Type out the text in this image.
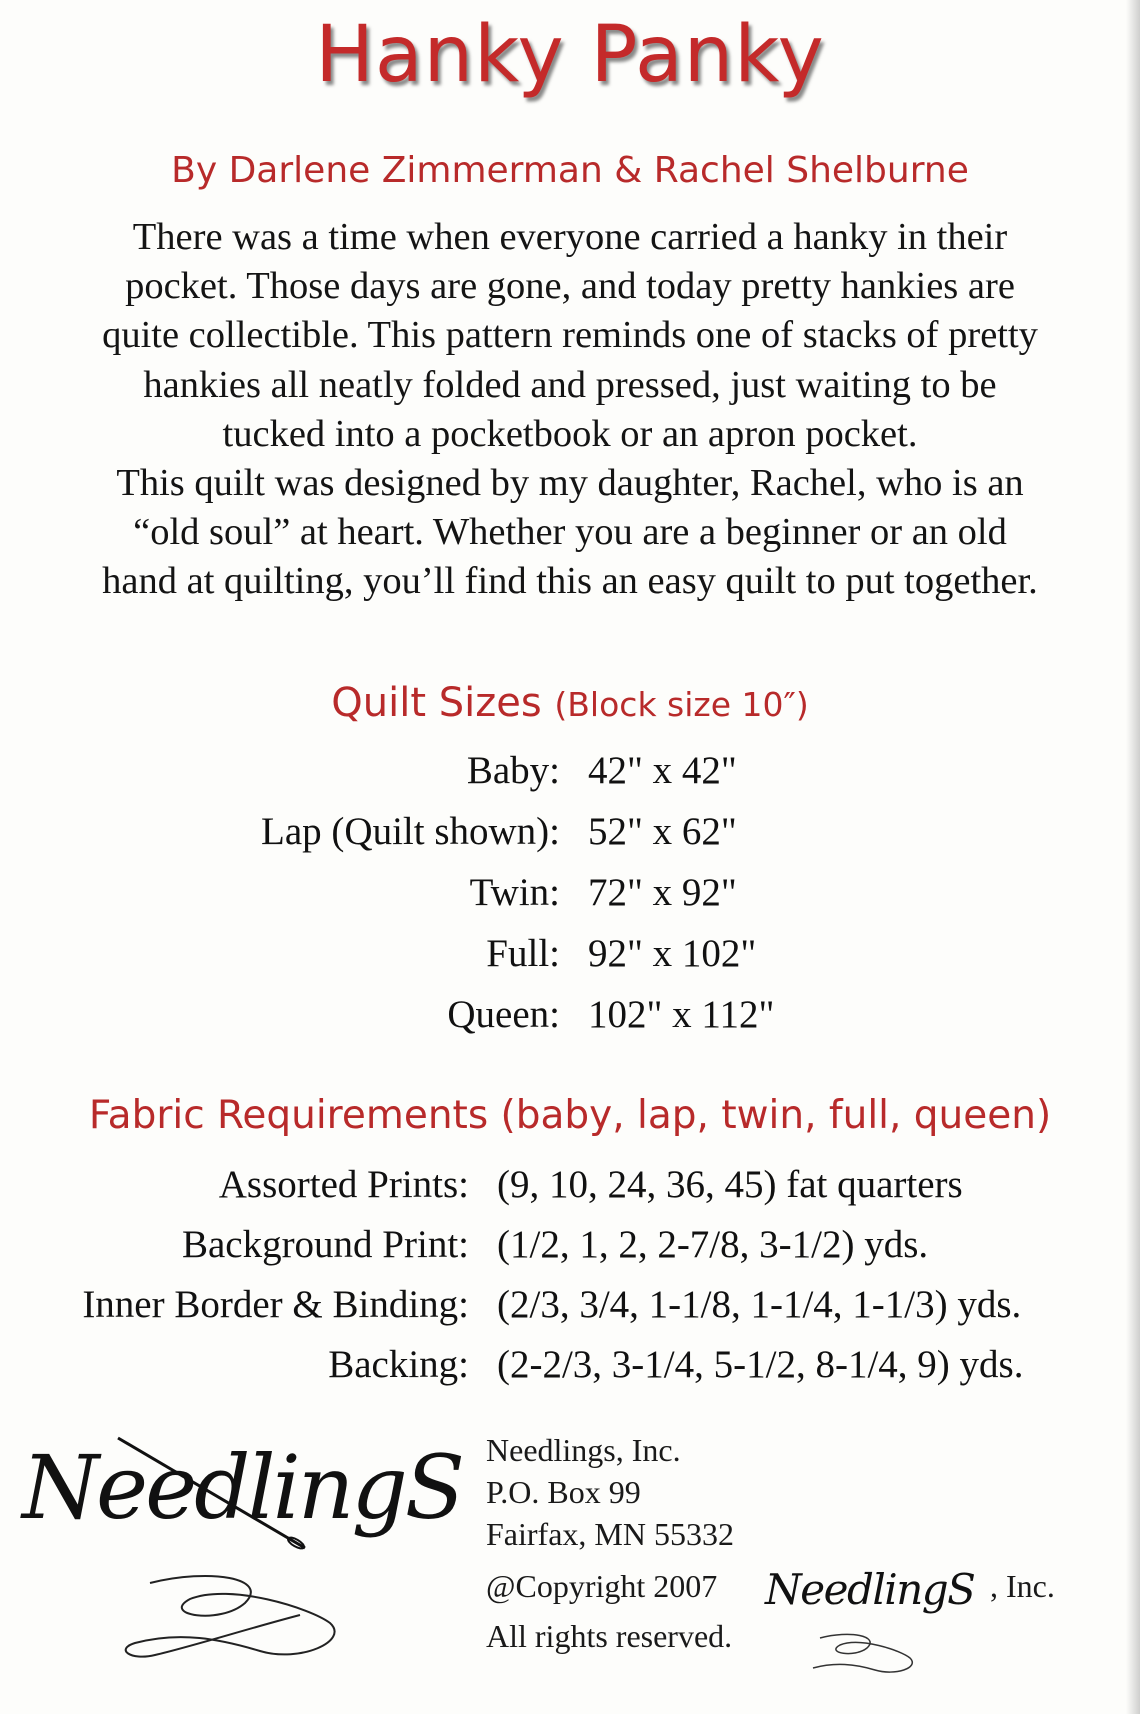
Hanky Panky
By Darlene Zimmerman & Rachel Shelburne

There was a time when everyone carried a hanky in their

pocket. Those days are gone, and today pretty hankies are

quite collectible. This pattern reminds one of stacks of pretty

hankies all neatly folded and pressed, just waiting to be

tucked into a pocketbook or an apron pocket.

This quilt was designed by my daughter, Rachel, who is an

“old soul” at heart. Whether you are a beginner or an old

hand at quilting, you’ll find this an easy quilt to put together.

Quilt Sizes (Block size 10″)
Baby: 42" x 42"
Lap (Quilt shown): 52" x 62"
Twin: 72" x 92"
Full: 92" x 102"
Queen: 102" x 112"
Fabric Requirements (baby, lap, twin, full, queen)
Assorted Prints: (9, 10, 24, 36, 45) fat quarters
Background Print: (1/2, 1, 2, 2-7/8, 3-1/2) yds.
Inner Border & Binding: (2/3, 3/4, 1-1/8, 1-1/4, 1-1/3) yds.
Backing: (2-2/3, 3-1/4, 5-1/2, 8-1/4, 9) yds.
NeedlingS Needlings, Inc.
P.O. Box 99
Fairfax, MN 55332
@Copyright 2007	, Inc.
NeedlingS
All rights reserved.
